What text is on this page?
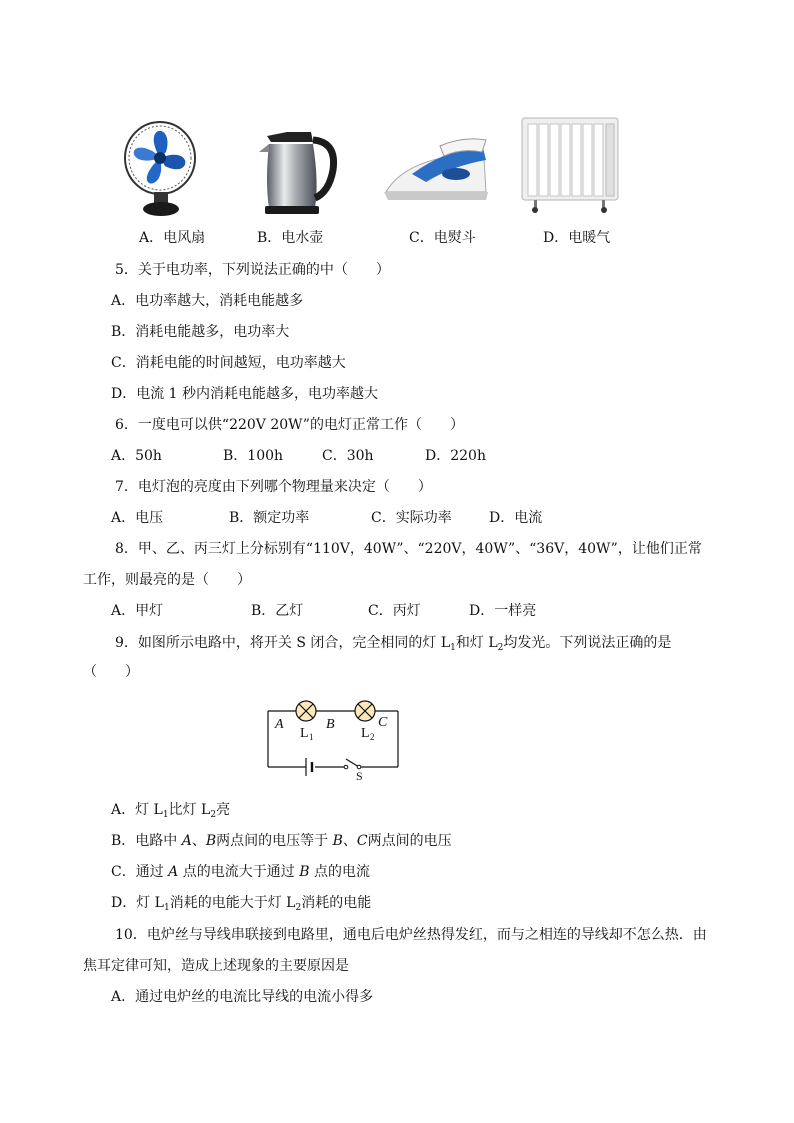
A．电风扇	B．电水壶	C．电熨斗	D．电暖气
5．关于电功率，下列说法正确的中（　　）
A．电功率越大，消耗电能越多
B．消耗电能越多，电功率大
C．消耗电能的时间越短，电功率越大
D．电流 1 秒内消耗电能越多，电功率越大
6．一度电可以供“220V 20W”的电灯正常工作（　　）
A．50h	B．100h	C．30h	D．220h
7．电灯泡的亮度由下列哪个物理量来决定（　　）
A．电压	B．额定功率	C．实际功率	D．电流
8．甲、乙、丙三灯上分标别有“110V，40W”、“220V，40W”、“36V，40W”，让他们正常
工作，则最亮的是（　　）
A．甲灯	B．乙灯	C．丙灯	D．一样亮
9．如图所示电路中，将开关 S 闭合，完全相同的灯 $L_1$和灯 $L_2$均发光。下列说法正确的是
（　　）
A	B	C
L 1	L 2
S
A．灯 $L_1$比灯 $L_2$亮
B．电路中 A、B两点间的电压等于 B、C两点间的电压
C．通过 A 点的电流大于通过 B 点的电流
D．灯 $L_1$消耗的电能大于灯 $L_2$消耗的电能
10．电炉丝与导线串联接到电路里，通电后电炉丝热得发红，而与之相连的导线却不怎么热．由
焦耳定律可知，造成上述现象的主要原因是
A．通过电炉丝的电流比导线的电流小得多
